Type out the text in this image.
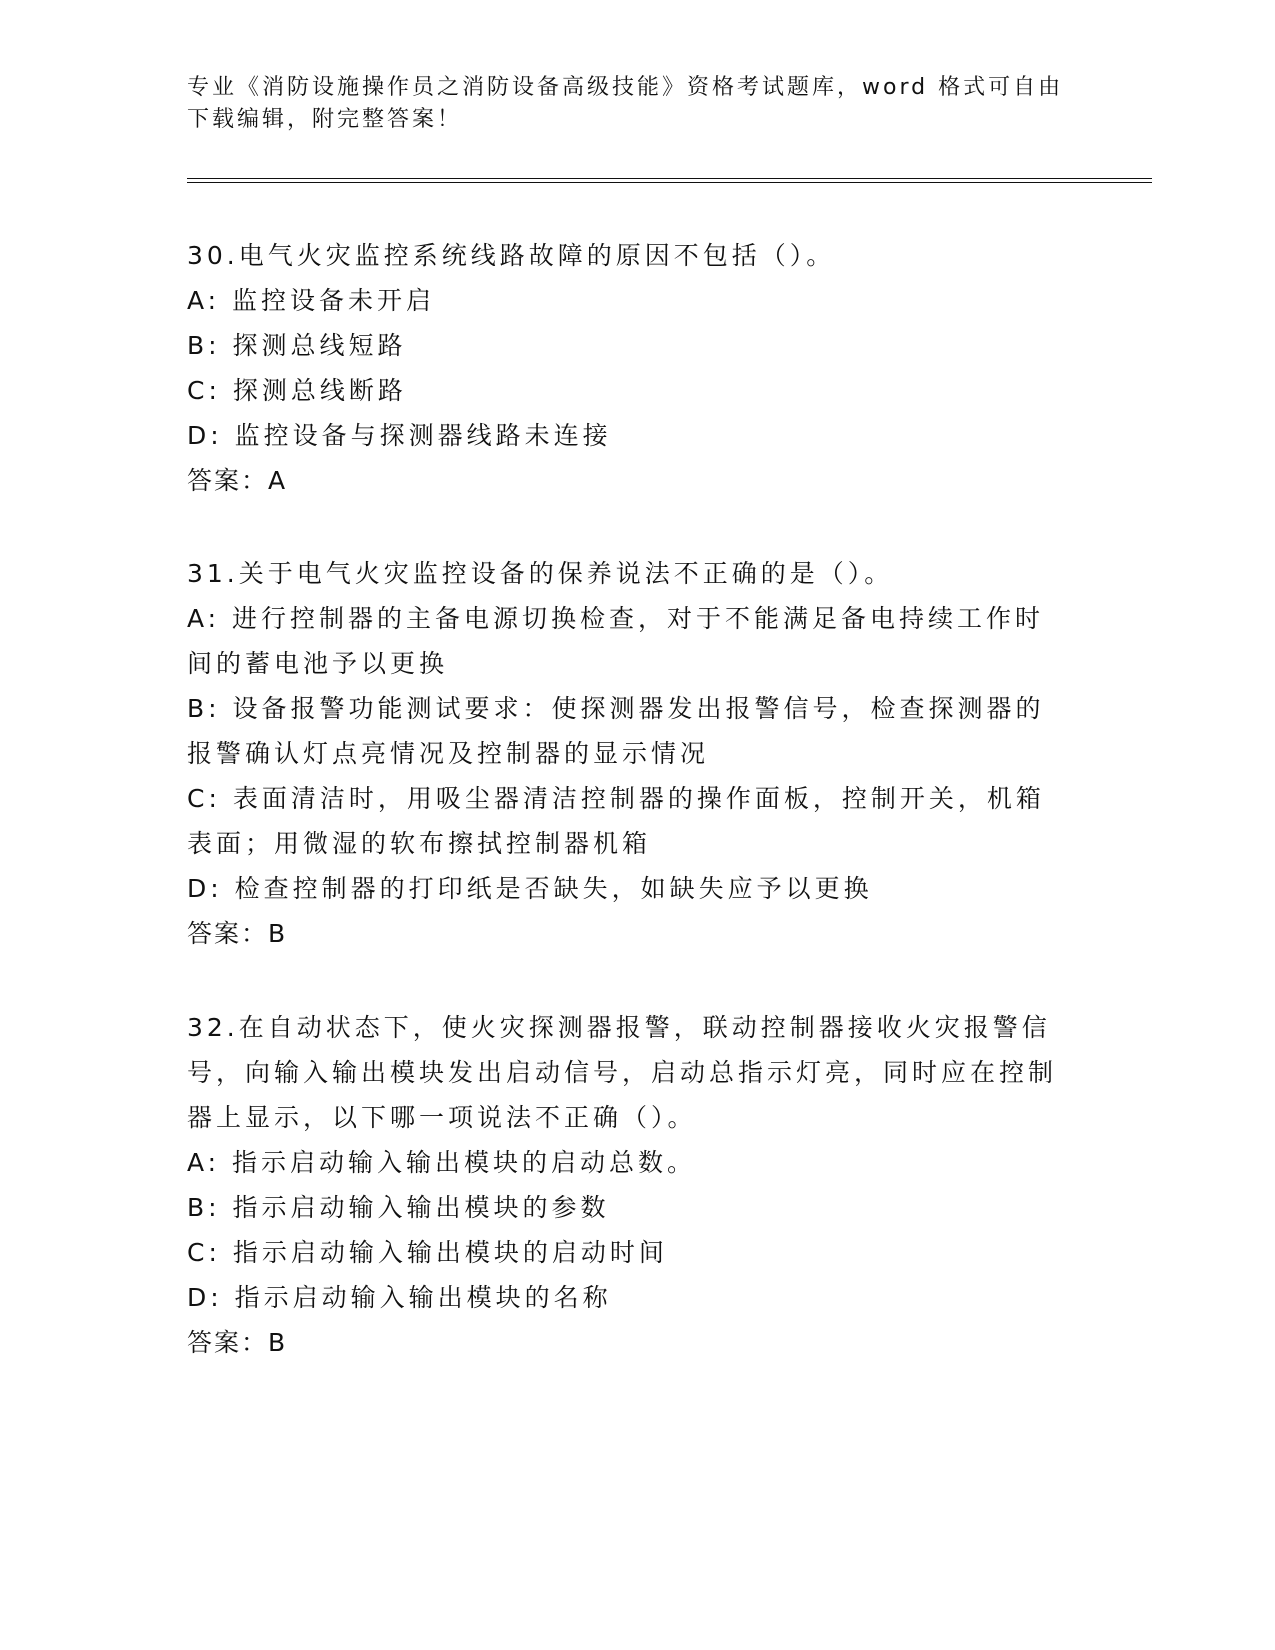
专业《消防设施操作员之消防设备高级技能》资格考试题库，word 格式可自由下载编辑，附完整答案！
30.电气火灾监控系统线路故障的原因不包括（）。
A: 监控设备未开启
B: 探测总线短路
C: 探测总线断路
D: 监控设备与探测器线路未连接
答案：A
31.关于电气火灾监控设备的保养说法不正确的是（）。
A: 进行控制器的主备电源切换检查，对于不能满足备电持续工作时间的蓄电池予以更换
B: 设备报警功能测试要求：使探测器发出报警信号，检查探测器的报警确认灯点亮情况及控制器的显示情况
C: 表面清洁时，用吸尘器清洁控制器的操作面板，控制开关，机箱表面；用微湿的软布擦拭控制器机箱
D: 检查控制器的打印纸是否缺失，如缺失应予以更换
答案：B
32.在自动状态下，使火灾探测器报警，联动控制器接收火灾报警信号，向输入输出模块发出启动信号，启动总指示灯亮，同时应在控制器上显示，以下哪一项说法不正确（）。
A: 指示启动输入输出模块的启动总数。
B: 指示启动输入输出模块的参数
C: 指示启动输入输出模块的启动时间
D: 指示启动输入输出模块的名称
答案：B
